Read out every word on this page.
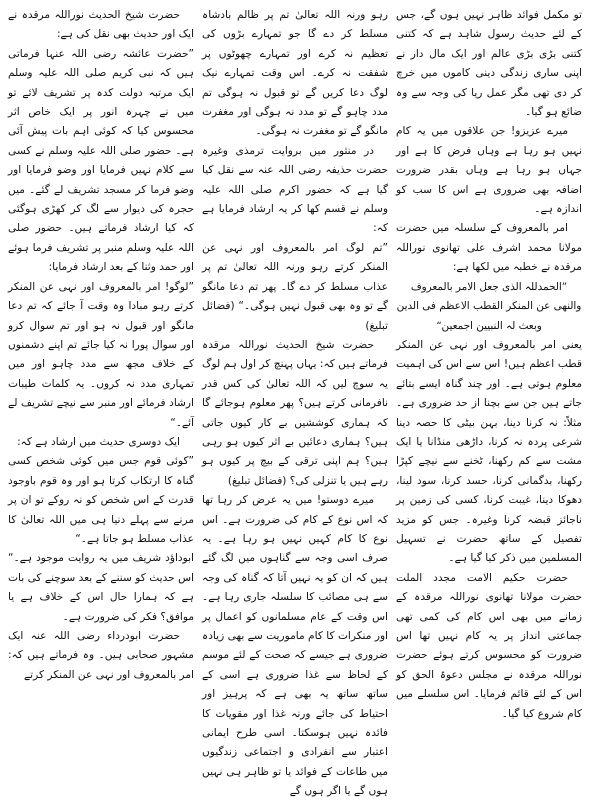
حضرت شیخ الحدیث نوراللہ مرقدہ نے ایک اور حدیث بھی نقل کی ہے:

”حضرت عائشہ رضی اللہ عنہا فرماتی ہیں کہ نبی کریم صلی اللہ علیہ وسلم ایک مرتبہ دولت کدہ پر تشریف لائے تو میں نے چہرہ انور پر ایک خاص اثر محسوس کیا کہ کوئی اہم بات پیش آئی ہے۔ حضور صلی اللہ علیہ وسلم نے کسی سے کلام نہیں فرمایا اور وضو فرمایا اور وضو فرما کر مسجد تشریف لے گئے۔ میں حجرہ کی دیوار سے لگ کر کھڑی ہوگئی کہ کیا ارشاد فرماتے ہیں۔ حضور صلی اللہ علیہ وسلم منبر پر تشریف فرما ہوئے اور حمد وثنا کے بعد ارشاد فرمایا:

”لوگو! امر بالمعروف اور نہی عن المنکر کرتے رہو مبادا وہ وقت آ جائے کہ تم دعا مانگو اور قبول نہ ہو اور تم سوال کرو اور سوال پورا نہ کیا جائے تم اپنے دشمنوں کے خلاف مجھ سے مدد چاہو اور میں تمہاری مدد نہ کروں۔ یہ کلمات طیبات ارشاد فرمائے اور منبر سے نیچے تشریف لے آئے۔“

ایک دوسری حدیث میں ارشاد ہے کہ:

”کوئی قوم جس میں کوئی شخص کسی گناہ کا ارتکاب کرتا ہو اور وہ قوم باوجود قدرت کے اس شخص کو نہ روکے تو ان پر مرنے سے پہلے دنیا ہی میں اللہ تعالیٰ کا عذاب مسلط ہو جاتا ہے۔“

ابوداؤد شریف میں یہ روایت موجود ہے۔“ اس حدیث کو سننے کے بعد سوچنے کی بات ہے کہ ہمارا حال اس کے خلاف ہے یا موافق؟ فکر کی ضرورت ہے۔

حضرت ابودرداء رضی اللہ عنہ ایک مشہور صحابی ہیں۔ وہ فرماتے ہیں کہ: امر بالمعروف اور نہی عن المنکر کرتے

رہو ورنہ اللہ تعالیٰ تم پر ظالم بادشاہ مسلط کر دے گا جو تمہارے بڑوں کی تعظیم نہ کرے اور تمہارے چھوٹوں پر شفقت نہ کرے۔ اس وقت تمہارے نیک لوگ دعا کریں گے تو قبول نہ ہوگی تم مدد چاہو گے تو مدد نہ ہوگی اور مغفرت مانگو گے تو مغفرت نہ ہوگی۔

در منثور میں بروایت ترمذی وغیرہ حضرت حذیفہ رضی اللہ عنہ سے نقل کیا گیا ہے کہ حضور اکرم صلی اللہ علیہ وسلم نے قسم کھا کر یہ ارشاد فرمایا ہے کہ:

”تم لوگ امر بالمعروف اور نہی عن المنکر کرتے رہو ورنہ اللہ تعالیٰ تم پر عذاب مسلط کر دے گا۔ پھر تم دعا مانگو گے تو وہ بھی قبول نہیں ہوگی۔“ (فضائل تبلیغ)

حضرت شیخ الحدیث نوراللہ مرقدہ فرماتے ہیں کہ: یہاں پہنچ کر اول ہم لوگ یہ سوچ لیں کہ اللہ تعالیٰ کی کس قدر نافرمانی کرتے ہیں؟ پھر معلوم ہوجائے گا کہ ہماری کوششیں بے کار کیوں جاتی ہیں؟ ہماری دعائیں بے اثر کیوں ہو رہی ہیں؟ ہم اپنی ترقی کے بیچ پر کیوں ہو رہے ہیں یا تنزلی کی؟ (فضائل تبلیغ)

میرے دوستو! میں یہ عرض کر رہا تھا کہ اس نوع کے کام کی ضرورت ہے۔ اس نوع کا کام کہیں نہیں ہو رہا ہے۔ یہ صرف اسی وجہ سے گناہوں میں لگ گئے ہیں کہ ان کو یہ نہیں آتا کہ گناہ کی وجہ سے ہی مصائب کا سلسلہ جاری رہا ہے۔ اس وقت کے عام مسلمانوں کو اعمال پر اور منکرات کا کام ماموریت سے بھی زیادہ ضروری ہے جیسے کہ صحت کے لئے موسم کے لحاظ سے غذا ضروری ہے اسی کے ساتھ ساتھ یہ بھی ہے کہ پرہیز اور احتیاط کی جائے ورنہ غذا اور مقویات کا فائدہ نہیں ہوسکتا۔ اسی طرح ایمانی اعتبار سے انفرادی و اجتماعی زندگیوں میں طاعات کے فوائد یا تو ظاہر ہی نہیں ہوں گے یا اگر ہوں گے

تو مکمل فوائد ظاہر نہیں ہوں گے، جس کے لئے حدیث رسول شاہد ہے کہ کتنی کتنی بڑی بڑی عالم اور ایک مال دار نے اپنی ساری زندگی دینی کاموں میں خرچ کر دی تھی مگر عمل ریا کی وجہ سے وہ ضائع ہو گیا۔

میرے عزیزو! جن علاقوں میں یہ کام نہیں ہو رہا ہے وہاں فرض کا ہے اور جہاں ہو رہا ہے وہاں بقدر ضرورت اضافہ بھی ضروری ہے اس کا سب کو اندازہ ہے۔

امر بالمعروف کے سلسلہ میں حضرت مولانا محمد اشرف علی تھانوی نوراللہ مرقدہ نے خطبہ میں لکھا ہے:

”الحمدللہ الذی جعل الامر بالمعروف والنھی عن المنکر القطب الاعظم فی الدین وبعث لہ النبیین اجمعین“

یعنی امر بالمعروف اور نہی عن المنکر قطب اعظم ہیں! اس سے اس کی اہمیت معلوم ہوتی ہے۔ اور چند گناہ ایسے بتائے جاتے ہیں جن سے بچنا از حد ضروری ہے۔ مثلاً: نہ کرنا دینا، بہن بیٹی کا حصہ دینا شرعی پردہ نہ کرنا، داڑھی منڈانا یا ایک مشت سے کم رکھنا، ٹخنے سے نیچے کپڑا رکھنا، بدگمانی کرنا، حسد کرنا، سود لینا، دھوکا دینا، غیبت کرنا، کسی کی زمین پر ناجائز قبضہ کرنا وغیرہ۔ جس کو مزید تفصیل کے ساتھ حضرت نے تسہیل المسلمین میں ذکر کیا گیا ہے۔

حضرت حکیم الامت مجدد الملت حضرت مولانا تھانوی نوراللہ مرقدہ کے زمانے میں بھی اس کام کی کمی تھی جماعتی انداز پر یہ کام نہیں تھا اس ضرورت کو محسوس کرتے ہوئے حضرت نوراللہ مرقدہ نے مجلس دعوۃ الحق کو اس کے لئے قائم فرمایا۔ اس سلسلے میں کام شروع کیا گیا۔
